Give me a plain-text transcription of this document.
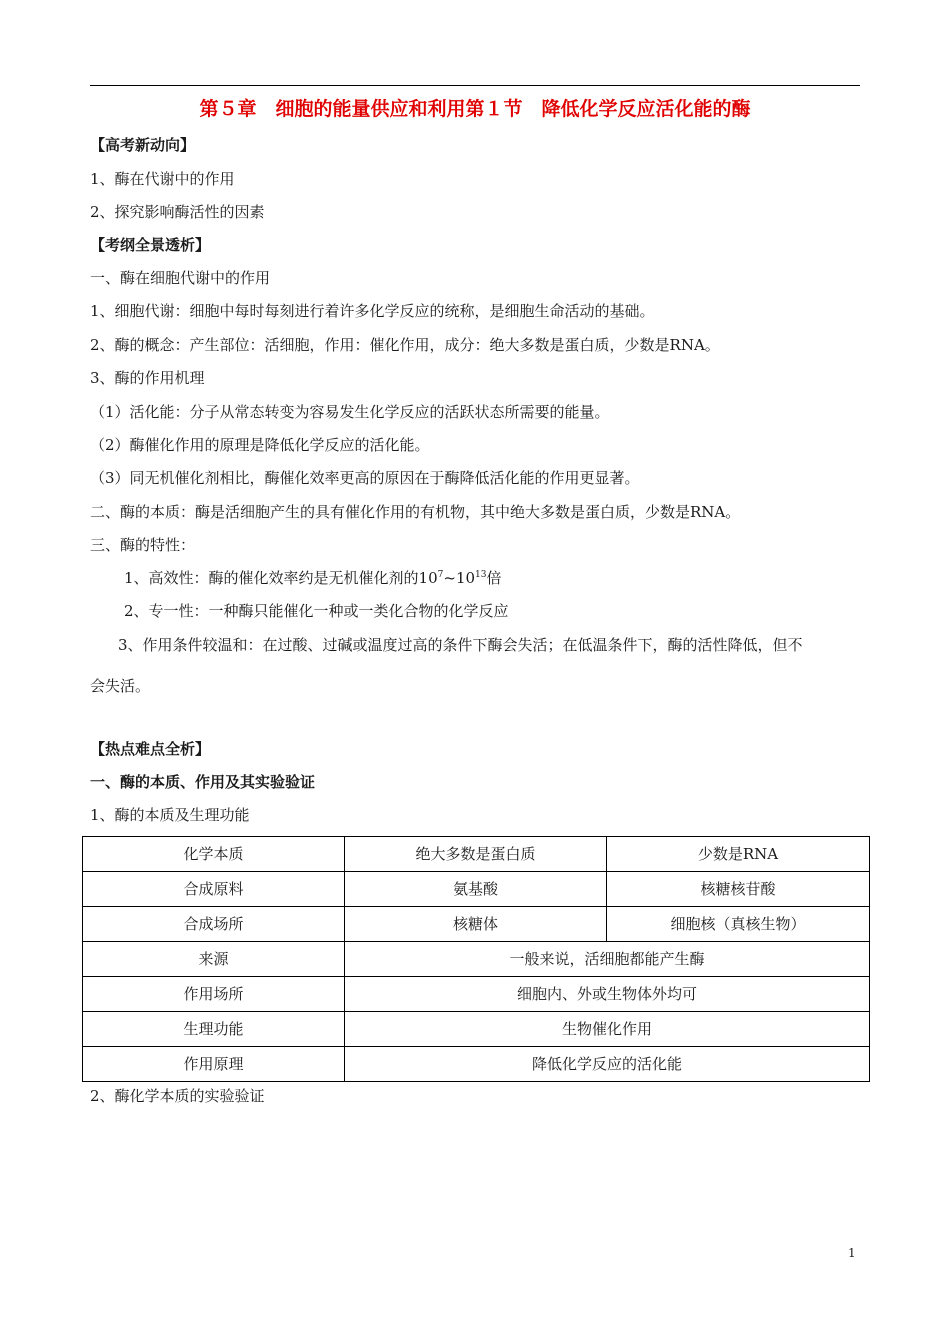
第５章　细胞的能量供应和利用第１节　降低化学反应活化能的酶
【高考新动向】
1、酶在代谢中的作用
2、探究影响酶活性的因素
【考纲全景透析】
一、酶在细胞代谢中的作用
1、细胞代谢：细胞中每时每刻进行着许多化学反应的统称，是细胞生命活动的基础。
2、酶的概念：产生部位：活细胞，作用：催化作用，成分：绝大多数是蛋白质，少数是RNA。
3、酶的作用机理
（1）活化能：分子从常态转变为容易发生化学反应的活跃状态所需要的能量。
（2）酶催化作用的原理是降低化学反应的活化能。
（3）同无机催化剂相比，酶催化效率更高的原因在于酶降低活化能的作用更显著。
二、酶的本质：酶是活细胞产生的具有催化作用的有机物，其中绝大多数是蛋白质，少数是RNA。
三、酶的特性：
1、高效性：酶的催化效率约是无机催化剂的$10^7\sim 10^{13}$倍
2、专一性：一种酶只能催化一种或一类化合物的化学反应
3、作用条件较温和：在过酸、过碱或温度过高的条件下酶会失活；在低温条件下，酶的活性降低，但不
会失活。
【热点难点全析】
一、酶的本质、作用及其实验验证
1、酶的本质及生理功能
化学本质	绝大多数是蛋白质	少数是RNA
合成原料	氨基酸	核糖核苷酸
合成场所	核糖体	细胞核（真核生物）
来源	一般来说，活细胞都能产生酶	
作用场所	细胞内、外或生物体外均可	
生理功能	生物催化作用	
作用原理	降低化学反应的活化能	
2、酶化学本质的实验验证
1
